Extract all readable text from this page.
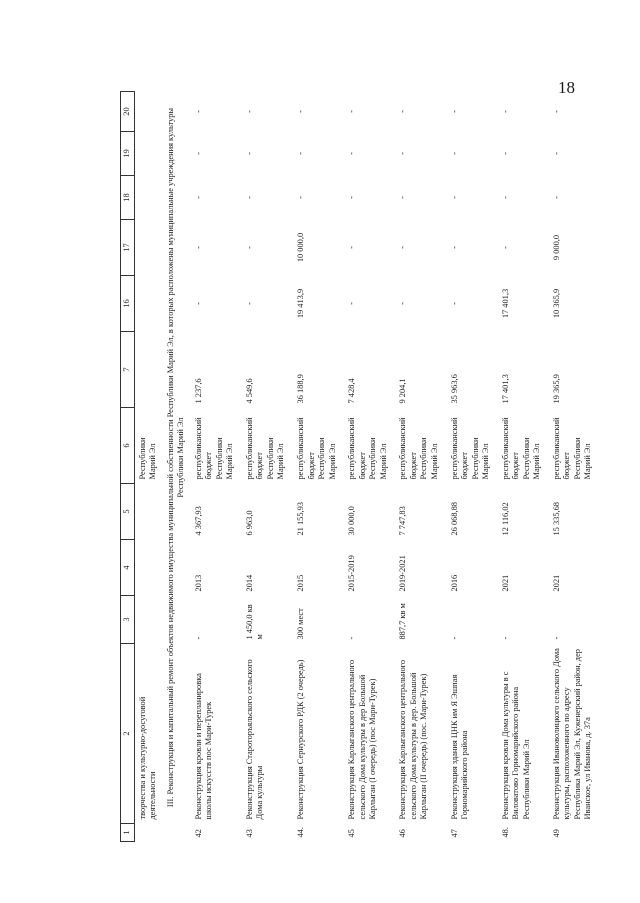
18
1	2	3	4	5	6	7	16	17	18	19	20
	творчества и культурно-досуговой деятельности				Республики Марий Эл						
	III. Реконструкция и капитальный ремонт объектов недвижимого имущества муниципальной собственности Республики Марий Эл, в которых расположены муниципальные учреждения культуры Республики Марий Эл										
42	Реконструкция кровли и перепланировка школы искусств пос Мари-Турек	-	2013	4 367,93	республиканский бюджет Республики Марий Эл	1 237,6	-	-	-	-	-
43	Реконструкция Староторъяльского сельского Дома культуры	1 450,0 кв м	2014	6 963,0	республиканский бюджет Республики Марий Эл	4 549,6	-	-	-	-	-
44.	Реконструкция Сернурского РДК (2 очередь)	300 мест	2015	21 155,93	республиканский бюджет Республики Марий Эл	36 188,9	19 413,9	10 000,0	-	-	-
45	Реконструкция Карлыганского центрального сельского Дома культуры в дер Большой Карлыган (I очередь) (пос Мари-Турек)	-	2015-2019	30 000,0	республиканский бюджет Республики Марий Эл	7 428,4	-	-	-	-	-
46	Реконструкция Карлыганского центрального сельского Дома культуры в дер. Большой Карлыган (II очередь) (пос. Мари-Турек)	887,7 кв м	2019-2021	7 747,83	республиканский бюджет Республики Марий Эл	9 204,1	-	-	-	-	-
47	Реконструкция здания ЦНК им Я Эшпая Горномарийского района	-	2016	26 068,88	республиканский бюджет Республики Марий Эл	35 963,6	-	-	-	-	-
48.	Реконструкция кровли Дома культуры в с Виловатово Горномарийского района Республики Марий Эл	-	2021	12 116,02	республиканский бюджет Республики Марий Эл	17 401,3	17 401,3	-	-	-	-
49	Реконструкция Ивановолицкого сельского Дома культуры, расположенного по адресу Республика Марий Эл, Куженерский район, дер Иванское, ул Иванова, д. 37а	-	2021	15 335,68	республиканский бюджет Республики Марий Эл	19 365,9	10 365,9	9 000,0	-	-	-
